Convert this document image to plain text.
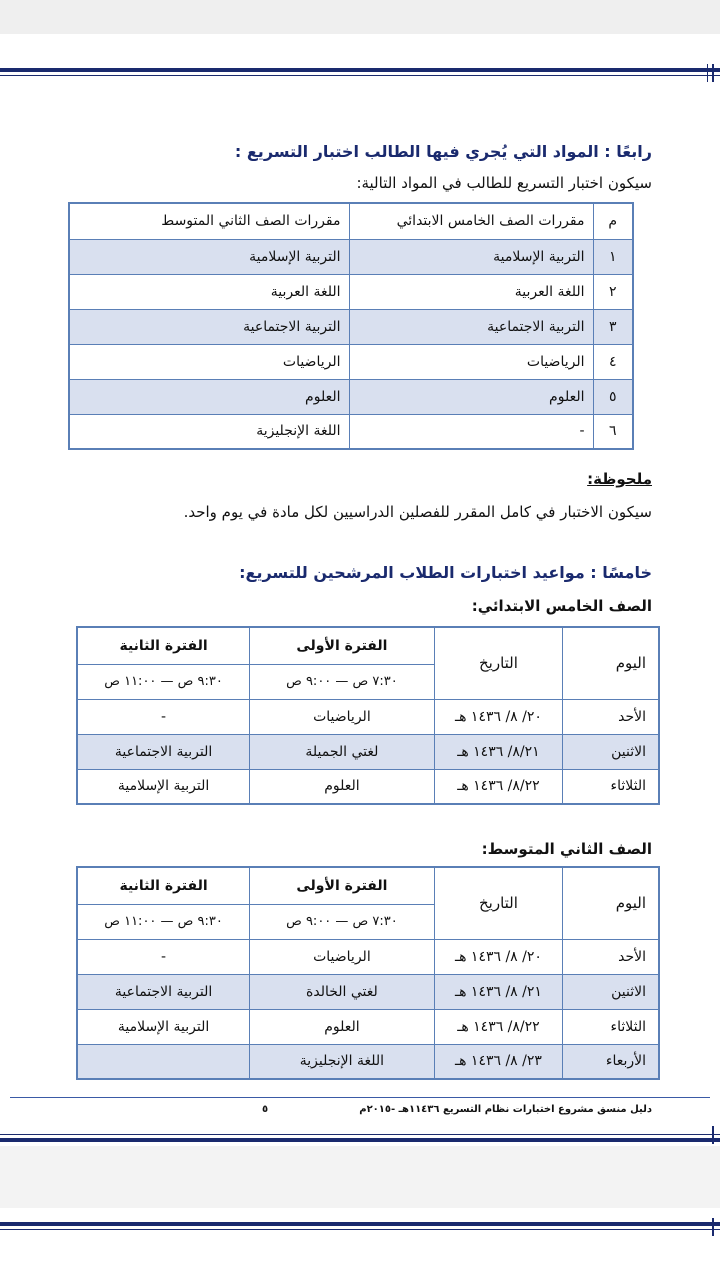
رابعًا : المواد التي يُجري فيها الطالب اختبار التسريع :
سيكون اختبار التسريع للطالب في المواد التالية:
م	مقررات الصف الخامس الابتدائي	مقررات الصف الثاني المتوسط
١	التربية الإسلامية	التربية الإسلامية
٢	اللغة العربية	اللغة العربية
٣	التربية الاجتماعية	التربية الاجتماعية
٤	الرياضيات	الرياضيات
٥	العلوم	العلوم
٦	-	اللغة الإنجليزية
ملحوظة:
سيكون الاختبار في كامل المقرر للفصلين الدراسيين لكل مادة في يوم واحد.
خامسًا : مواعيد اختبارات الطلاب المرشحين للتسريع:
الصف الخامس الابتدائي:
اليوم	التاريخ	الفترة الأولى	الفترة الثانية
		٧:٣٠ ص — ٩:٠٠ ص	٩:٣٠ ص — ١١:٠٠ ص
الأحد	٢٠/ ٨/ ١٤٣٦ هـ	الرياضيات	-
الاثنين	٨/٢١/ ١٤٣٦ هـ	لغتي الجميلة	التربية الاجتماعية
الثلاثاء	٨/٢٢/ ١٤٣٦ هـ	العلوم	التربية الإسلامية
الصف الثاني المتوسط:
اليوم	التاريخ	الفترة الأولى	الفترة الثانية
		٧:٣٠ ص — ٩:٠٠ ص	٩:٣٠ ص — ١١:٠٠ ص
الأحد	٢٠/ ٨/ ١٤٣٦ هـ	الرياضيات	-
الاثنين	٢١/ ٨/ ١٤٣٦ هـ	لغتي الخالدة	التربية الاجتماعية
الثلاثاء	٨/٢٢/ ١٤٣٦ هـ	العلوم	التربية الإسلامية
الأربعاء	٢٣/ ٨/ ١٤٣٦ هـ	اللغة الإنجليزية	
دليل منسق مشروع اختبارات نظام التسريع ١١٤٣٦هـ -٢٠١٥م
٥
